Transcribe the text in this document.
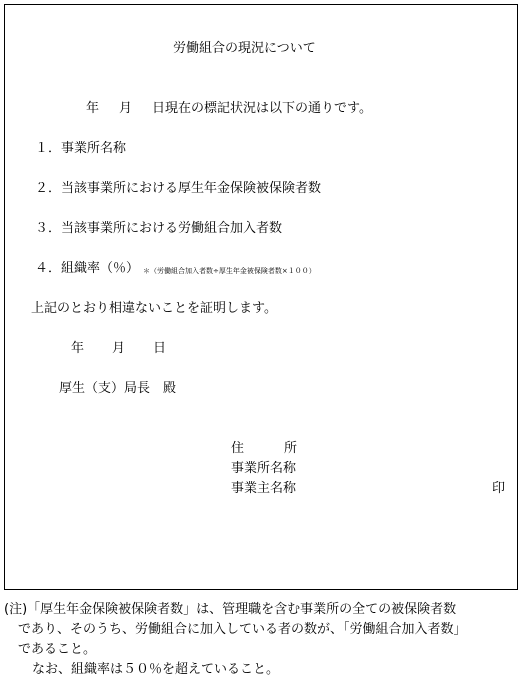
労働組合の現況について
年 月 日現在の標記状況は以下の通りです。
１．事業所名称
２．当該事業所における厚生年金保険被保険者数
３．当該事業所における労働組合加入者数
４．組織率（％） ＊（労働組合加入者数÷厚生年金被保険者数×１００）
上記のとおり相違ないことを証明します。
年 月 日
厚生（支）局長　殿
住	所
事業所名称
事業主名称	印
(注)「厚生年金保険被保険者数」は、管理職を含む事業所の全ての被保険者数
であり、そのうち、労働組合に加入している者の数が、「労働組合加入者数」
であること。
なお、組織率は５０％を超えていること。
